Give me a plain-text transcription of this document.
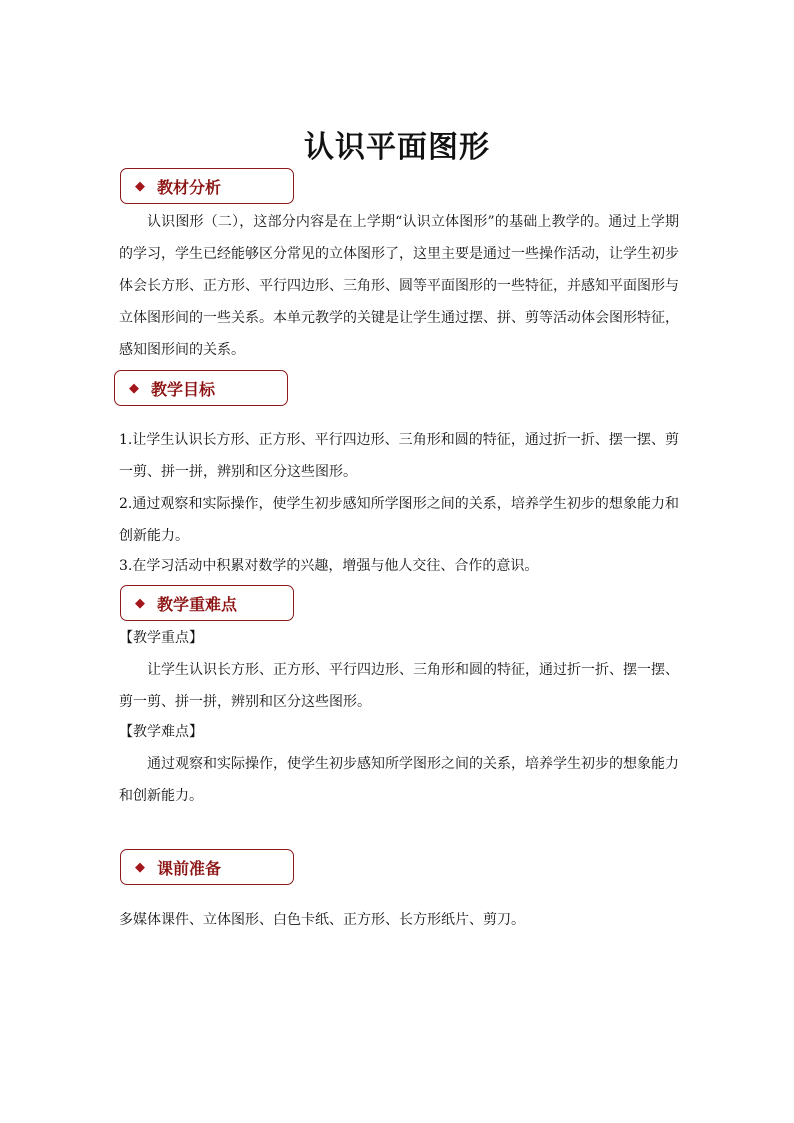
认识平面图形
◆ 教材分析

认识图形（二），这部分内容是在上学期“认识立体图形”的基础上教学的。通过上学期的学习，学生已经能够区分常见的立体图形了，这里主要是通过一些操作活动，让学生初步体会长方形、正方形、平行四边形、三角形、圆等平面图形的一些特征，并感知平面图形与立体图形间的一些关系。本单元教学的关键是让学生通过摆、拼、剪等活动体会图形特征，感知图形间的关系。

◆ 教学目标

1.让学生认识长方形、正方形、平行四边形、三角形和圆的特征，通过折一折、摆一摆、剪一剪、拼一拼，辨别和区分这些图形。

2.通过观察和实际操作，使学生初步感知所学图形之间的关系，培养学生初步的想象能力和创新能力。

3.在学习活动中积累对数学的兴趣，增强与他人交往、合作的意识。

◆ 教学重难点

【教学重点】

让学生认识长方形、正方形、平行四边形、三角形和圆的特征，通过折一折、摆一摆、剪一剪、拼一拼，辨别和区分这些图形。

【教学难点】

通过观察和实际操作，使学生初步感知所学图形之间的关系，培养学生初步的想象能力和创新能力。

◆ 课前准备

多媒体课件、立体图形、白色卡纸、正方形、长方形纸片、剪刀。
